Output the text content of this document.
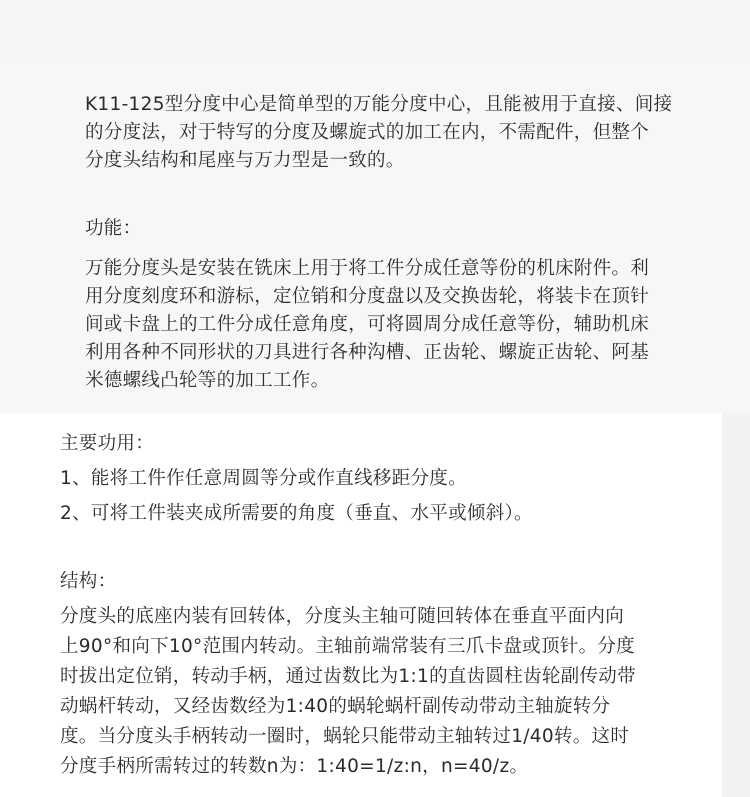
K11-125型分度中心是简单型的万能分度中心，且能被用于直接、间接

的分度法，对于特写的分度及螺旋式的加工在内，不需配件，但整个

分度头结构和尾座与万力型是一致的。

功能：

万能分度头是安装在铣床上用于将工件分成任意等份的机床附件。利

用分度刻度环和游标，定位销和分度盘以及交换齿轮，将装卡在顶针

间或卡盘上的工件分成任意角度，可将圆周分成任意等份，辅助机床

利用各种不同形状的刀具进行各种沟槽、正齿轮、螺旋正齿轮、阿基

米德螺线凸轮等的加工工作。

主要功用：

1、能将工件作任意周圆等分或作直线移距分度。

2、可将工件装夹成所需要的角度（垂直、水平或倾斜）。

结构：

分度头的底座内装有回转体，分度头主轴可随回转体在垂直平面内向

上90°和向下10°范围内转动。主轴前端常装有三爪卡盘或顶针。分度

时拔出定位销，转动手柄，通过齿数比为1:1的直齿圆柱齿轮副传动带

动蜗杆转动，又经齿数经为1:40的蜗轮蜗杆副传动带动主轴旋转分

度。当分度头手柄转动一圈时，蜗轮只能带动主轴转过1/40转。这时

分度手柄所需转过的转数n为：1:40=1/z:n，n=40/z。
